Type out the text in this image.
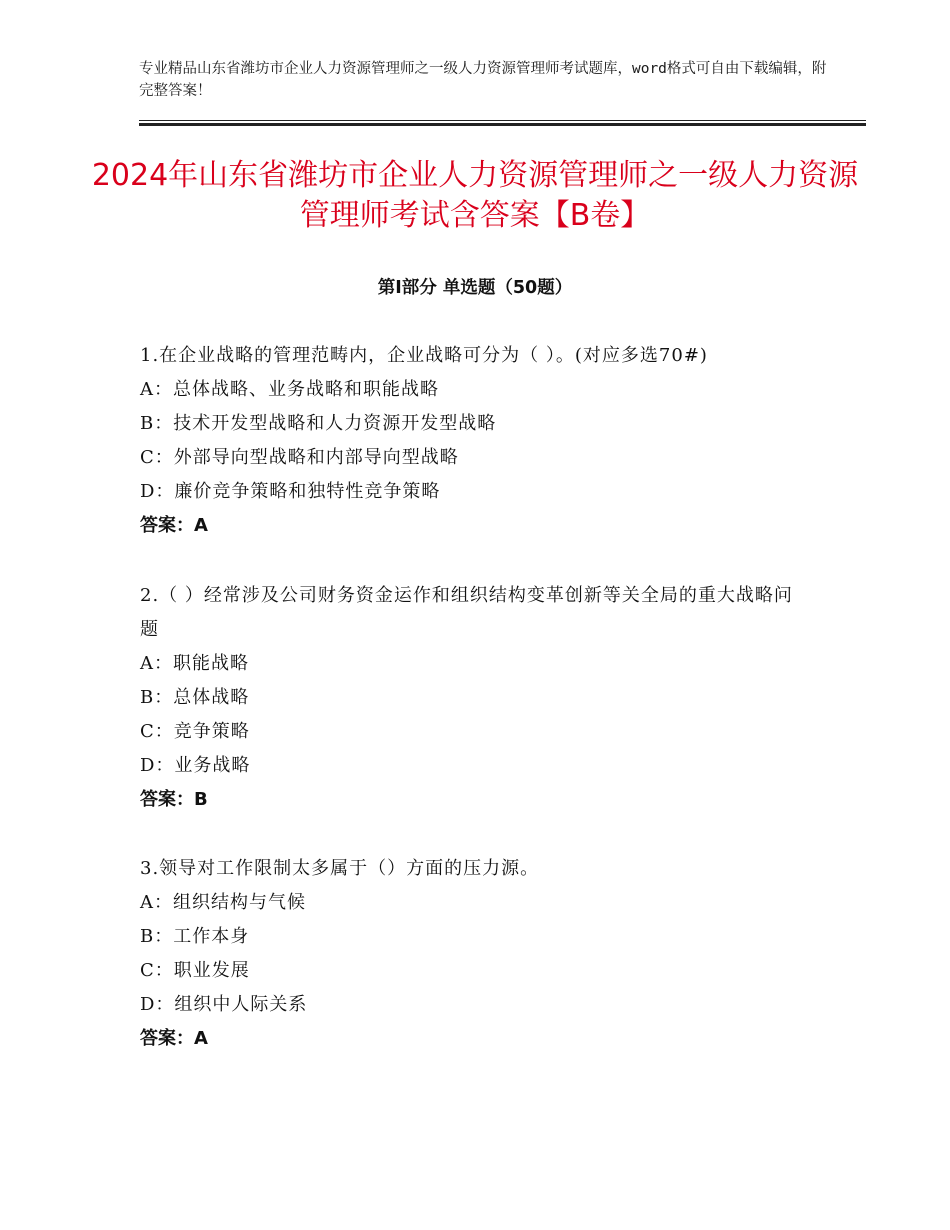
专业精品山东省潍坊市企业人力资源管理师之一级人力资源管理师考试题库，word格式可自由下载编辑，附完整答案！
2024年山东省潍坊市企业人力资源管理师之一级人力资源管理师考试含答案【B卷】
第Ⅰ部分 单选题（50题）

1.在企业战略的管理范畴内，企业战略可分为（ ）。(对应多选70#)

A：总体战略、业务战略和职能战略

B：技术开发型战略和人力资源开发型战略

C：外部导向型战略和内部导向型战略

D：廉价竞争策略和独特性竞争策略

答案：A

2.（ ）经常涉及公司财务资金运作和组织结构变革创新等关全局的重大战略问题

A：职能战略

B：总体战略

C：竞争策略

D：业务战略

答案：B

3.领导对工作限制太多属于（）方面的压力源。

A：组织结构与气候

B：工作本身

C：职业发展

D：组织中人际关系

答案：A
